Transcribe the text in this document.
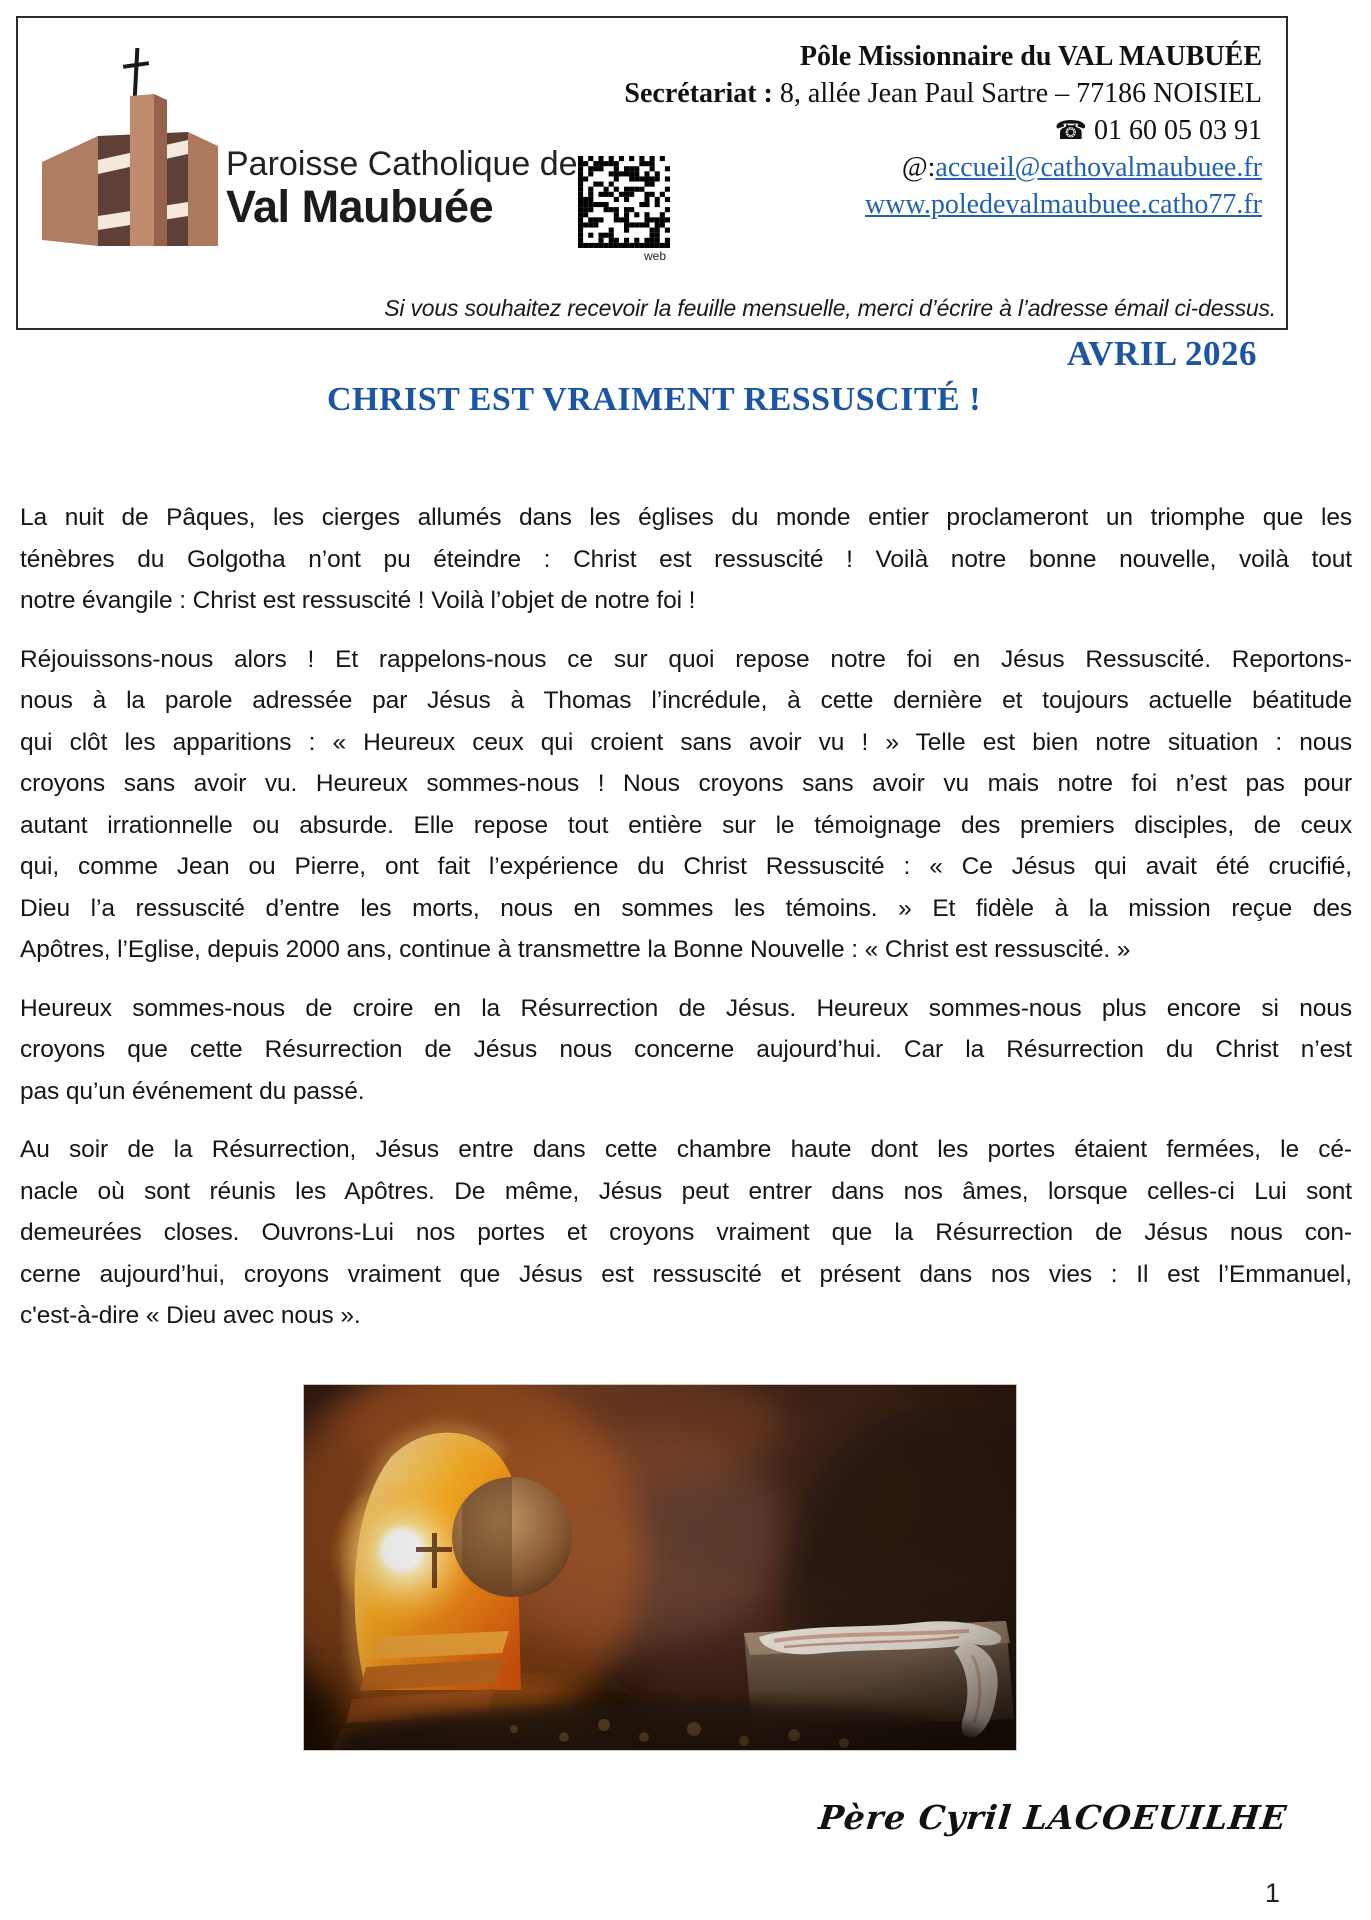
Paroisse Catholique de
Val Maubuée
web
Pôle Missionnaire du VAL MAUBUÉE
Secrétariat : 8, allée Jean Paul Sartre – 77186 NOISIEL
☎ 01 60 05 03 91
@:accueil@cathovalmaubuee.fr
www.poledevalmaubuee.catho77.fr
Si vous souhaitez recevoir la feuille mensuelle, merci d’écrire à l’adresse émail ci-dessus.
AVRIL 2026
CHRIST EST VRAIMENT RESSUSCITÉ !
La nuit de Pâques, les cierges allumés dans les églises du monde entier proclameront un triomphe que les
ténèbres du Golgotha n’ont pu éteindre : Christ est ressuscité ! Voilà notre bonne nouvelle, voilà tout
notre évangile : Christ est ressuscité ! Voilà l’objet de notre foi !
Réjouissons-nous alors ! Et rappelons-nous ce sur quoi repose notre foi en Jésus Ressuscité. Reportons-
nous à la parole adressée par Jésus à Thomas l’incrédule, à cette dernière et toujours actuelle béatitude
qui clôt les apparitions : « Heureux ceux qui croient sans avoir vu ! » Telle est bien notre situation : nous
croyons sans avoir vu. Heureux sommes-nous ! Nous croyons sans avoir vu mais notre foi n’est pas pour
autant irrationnelle ou absurde. Elle repose tout entière sur le témoignage des premiers disciples, de ceux
qui, comme Jean ou Pierre, ont fait l’expérience du Christ Ressuscité : « Ce Jésus qui avait été crucifié,
Dieu l’a ressuscité d’entre les morts, nous en sommes les témoins. » Et fidèle à la mission reçue des
Apôtres, l’Eglise, depuis 2000 ans, continue à transmettre la Bonne Nouvelle : « Christ est ressuscité. »
Heureux sommes-nous de croire en la Résurrection de Jésus. Heureux sommes-nous plus encore si nous
croyons que cette Résurrection de Jésus nous concerne aujourd’hui. Car la Résurrection du Christ n’est
pas qu’un événement du passé.
Au soir de la Résurrection, Jésus entre dans cette chambre haute dont les portes étaient fermées, le cé-
nacle où sont réunis les Apôtres. De même, Jésus peut entrer dans nos âmes, lorsque celles-ci Lui sont
demeurées closes. Ouvrons-Lui nos portes et croyons vraiment que la Résurrection de Jésus nous con-
cerne aujourd’hui, croyons vraiment que Jésus est ressuscité et présent dans nos vies : Il est l’Emmanuel,
c'est-à-dire « Dieu avec nous ».
Père Cyril LACOEUILHE
1
